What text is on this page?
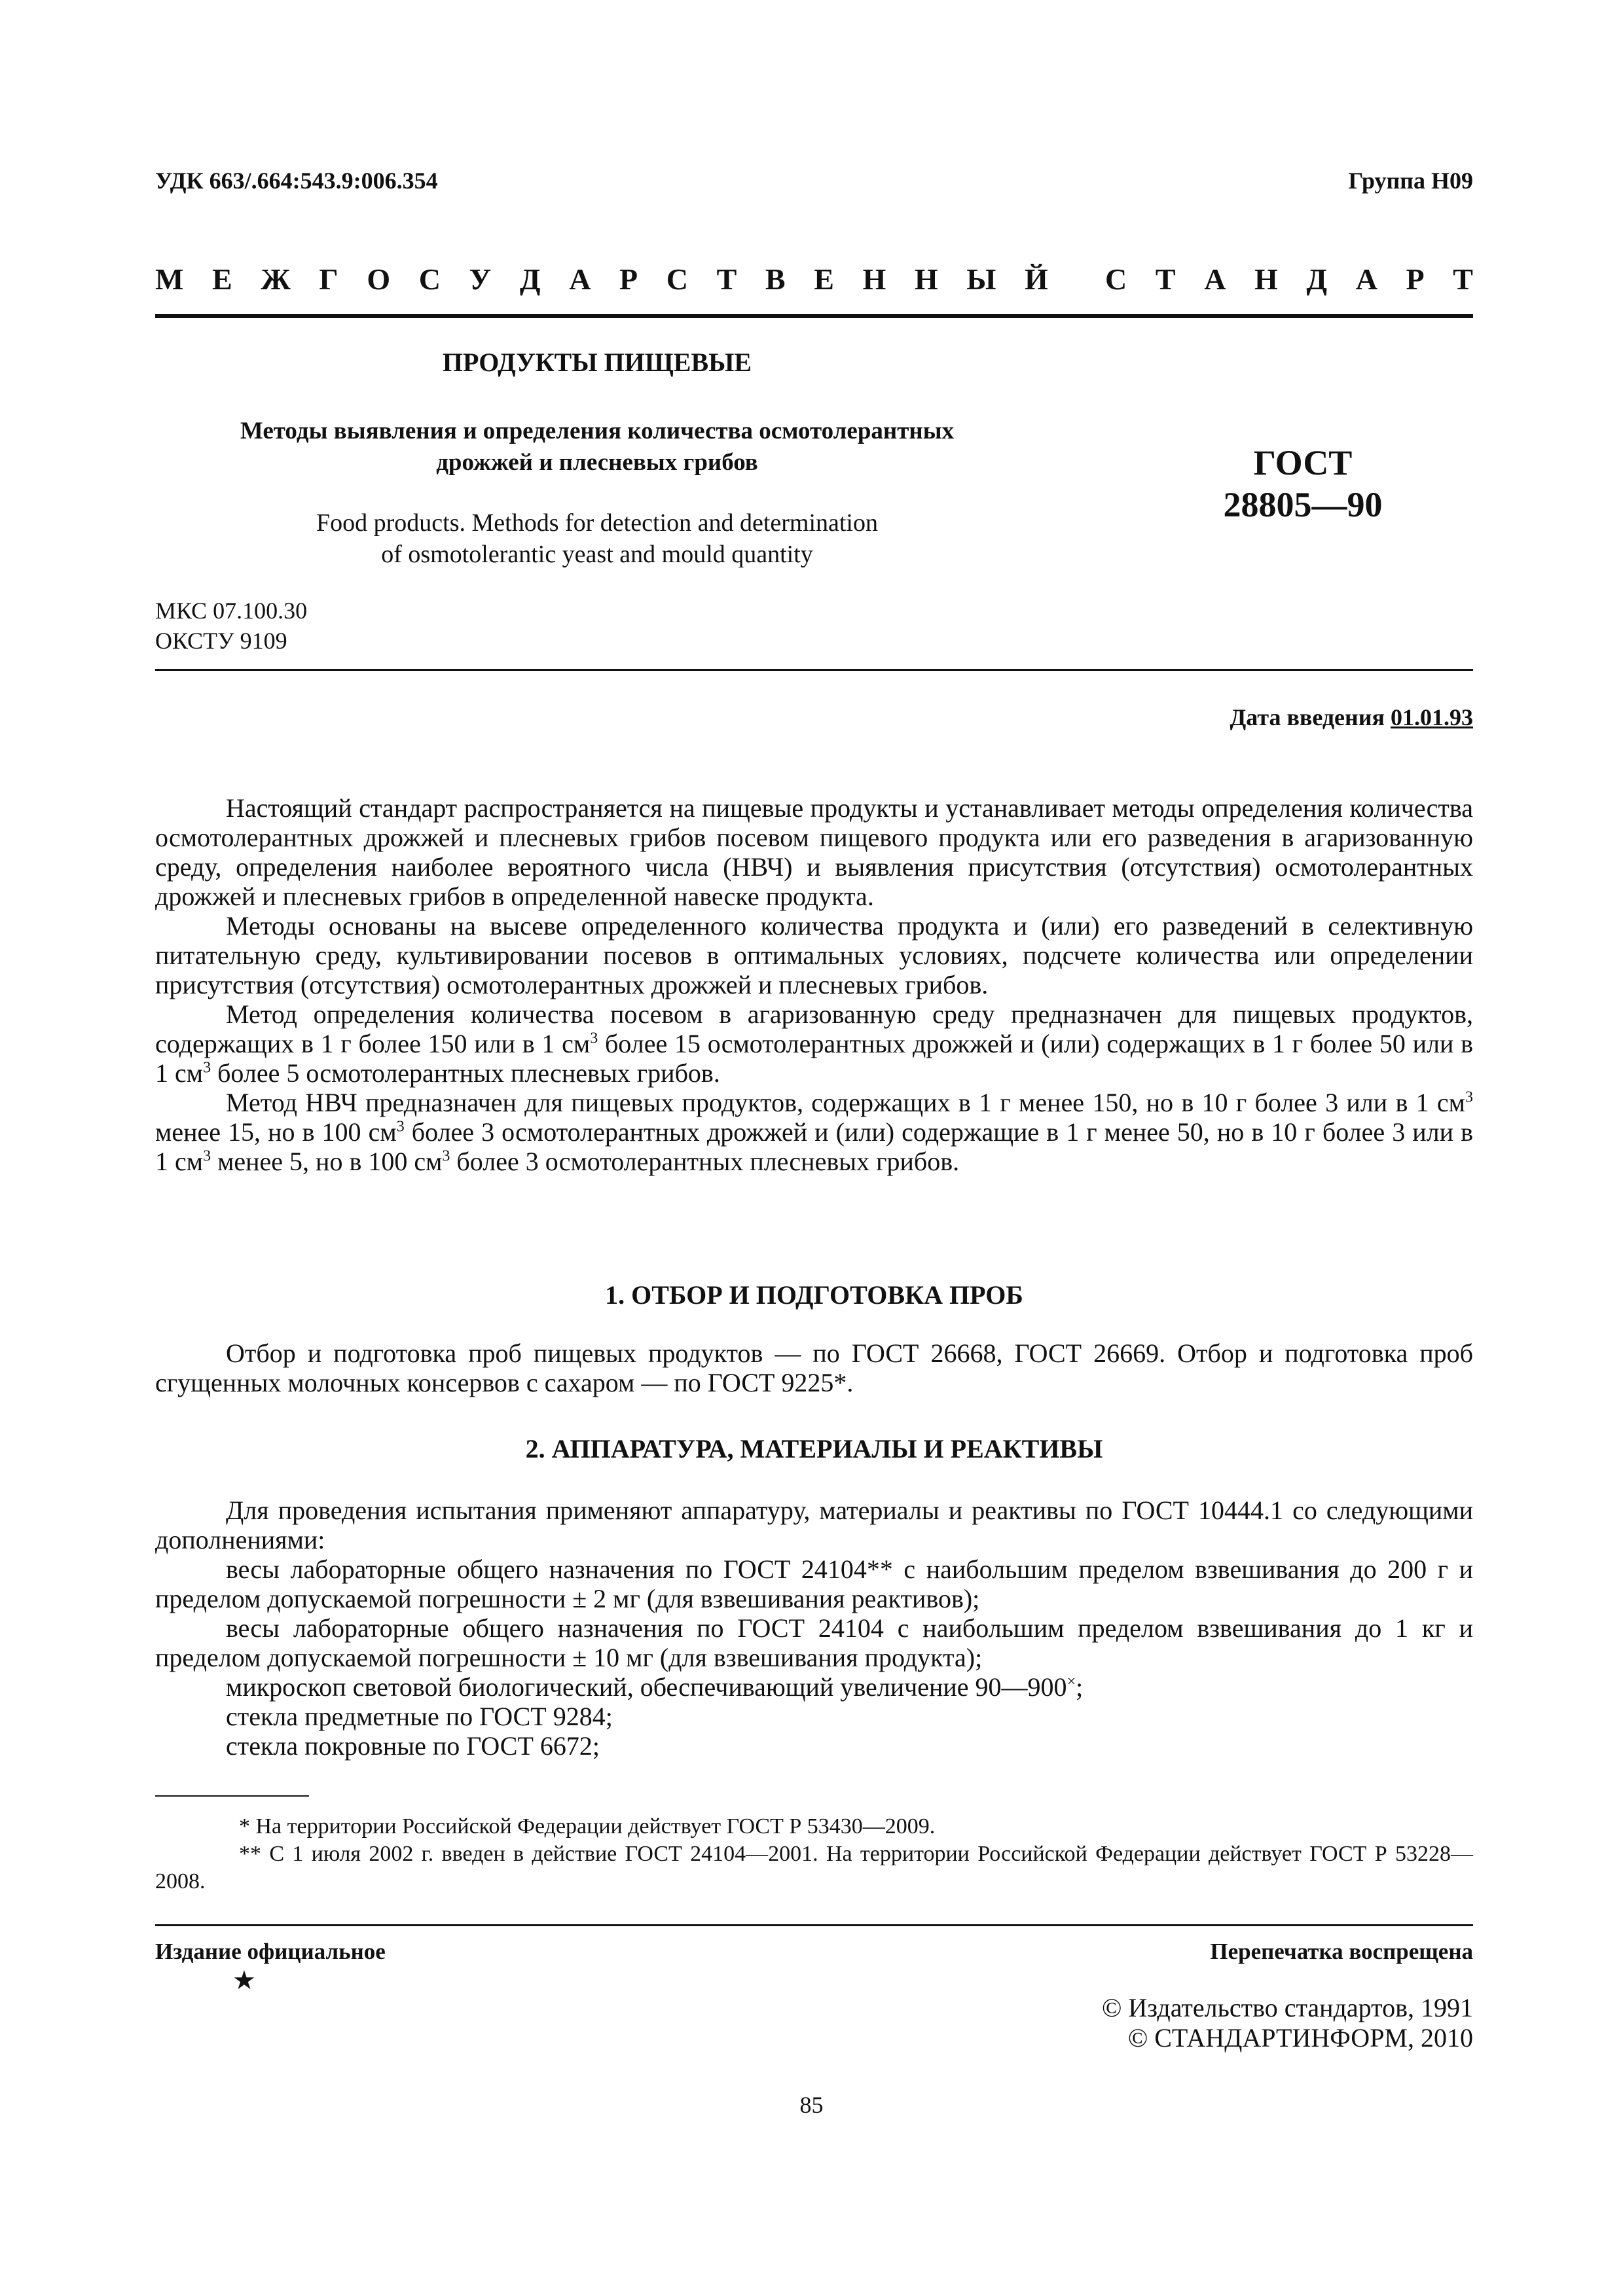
УДК 663/.664:543.9:006.354	Группа Н09
М Е Ж Г О С У Д А Р С Т В Е Н Н Ы Й С Т А Н Д А Р Т
ПРОДУКТЫ ПИЩЕВЫЕ
Методы выявления и определения количества осмотолерантных
дрожжей и плесневых грибов
Food products. Methods for detection and determination
of osmotolerantic yeast and mould quantity
ГОСТ
28805—90
МКС 07.100.30
ОКСТУ 9109
Дата введения 01.01.93

Настоящий стандарт распространяется на пищевые продукты и устанавливает методы определения количества осмотолерантных дрожжей и плесневых грибов посевом пищевого продукта или его разведения в агаризованную среду, определения наиболее вероятного числа (НВЧ) и выявления присутствия (отсутствия) осмотолерантных дрожжей и плесневых грибов в определенной навеске продукта.

Методы основаны на высеве определенного количества продукта и (или) его разведений в селективную питательную среду, культивировании посевов в оптимальных условиях, подсчете количества или определении присутствия (отсутствия) осмотолерантных дрожжей и плесневых грибов.

Метод определения количества посевом в агаризованную среду предназначен для пищевых продуктов, содержащих в 1 г более 150 или в 1 $см^3$ более 15 осмотолерантных дрожжей и (или) содержащих в 1 г более 50 или в 1 $см^3$ более 5 осмотолерантных плесневых грибов.

Метод НВЧ предназначен для пищевых продуктов, содержащих в 1 г менее 150, но в 10 г более 3 или в 1 $см^3$ менее 15, но в 100 $см^3$ более 3 осмотолерантных дрожжей и (или) содержащие в 1 г менее 50, но в 10 г более 3 или в 1 $см^3$ менее 5, но в 100 $см^3$ более 3 осмотолерантных плесневых грибов.

1. ОТБОР И ПОДГОТОВКА ПРОБ

Отбор и подготовка проб пищевых продуктов — по ГОСТ 26668, ГОСТ 26669. Отбор и подготовка проб сгущенных молочных консервов с сахаром — по ГОСТ 9225*.

2. АППАРАТУРА, МАТЕРИАЛЫ И РЕАКТИВЫ

Для проведения испытания применяют аппаратуру, материалы и реактивы по ГОСТ 10444.1 со следующими дополнениями:

весы лабораторные общего назначения по ГОСТ 24104** с наибольшим пределом взвешивания до 200 г и пределом допускаемой погрешности ± 2 мг (для взвешивания реактивов);

весы лабораторные общего назначения по ГОСТ 24104 с наибольшим пределом взвешивания до 1 кг и пределом допускаемой погрешности ± 10 мг (для взвешивания продукта);

микроскоп световой биологический, обеспечивающий увеличение 90—900×;

стекла предметные по ГОСТ 9284;

стекла покровные по ГОСТ 6672;

* На территории Российской Федерации действует ГОСТ Р 53430—2009.

** С 1 июля 2002 г. введен в действие ГОСТ 24104—2001. На территории Российской Федерации действует ГОСТ Р 53228—2008.

Издание официальное
★
Перепечатка воспрещена
© Издательство стандартов, 1991
© СТАНДАРТИНФОРМ, 2010
85
